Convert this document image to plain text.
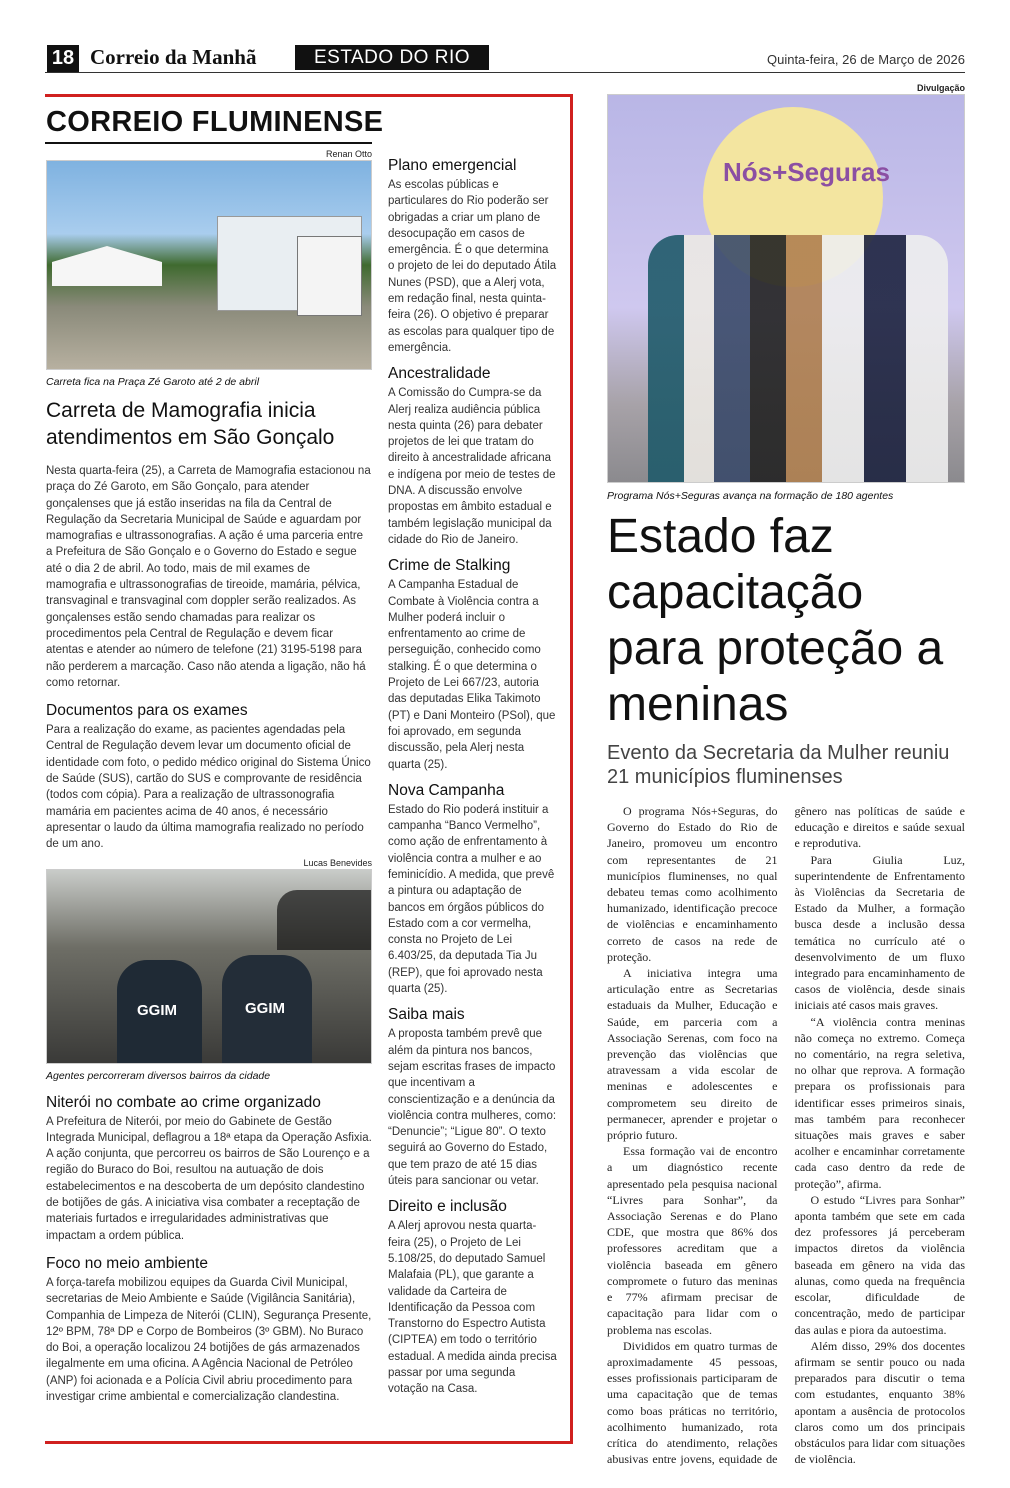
18 Correio da Manhã	ESTADO DO RIO	Quinta-feira, 26 de Março de 2026
CORREIO FLUMINENSE
Renan Otto
Carreta fica na Praça Zé Garoto até 2 de abril
Carreta de Mamografia inicia atendimentos em São Gonçalo
Nesta quarta-feira (25), a Carreta de Mamografia estacionou na praça do Zé Garoto, em São Gonçalo, para atender gonçalenses que já estão inseridas na fila da Central de Regulação da Secretaria Municipal de Saúde e aguardam por mamografias e ultrassonografias. A ação é uma parceria entre a Prefeitura de São Gonçalo e o Governo do Estado e segue até o dia 2 de abril. Ao todo, mais de mil exames de mamografia e ultrassonografias de tireoide, mamária, pélvica, transvaginal e transvaginal com doppler serão realizados. As gonçalenses estão sendo chamadas para realizar os procedimentos pela Central de Regulação e devem ficar atentas e atender ao número de telefone (21) 3195-5198 para não perderem a marcação. Caso não atenda a ligação, não há como retornar.
Documentos para os exames
Para a realização do exame, as pacientes agendadas pela Central de Regulação devem levar um documento oficial de identidade com foto, o pedido médico original do Sistema Único de Saúde (SUS), cartão do SUS e comprovante de residência (todos com cópia). Para a realização de ultrassonografia mamária em pacientes acima de 40 anos, é necessário apresentar o laudo da última mamografia realizado no período de um ano.
Lucas Benevides
GGIM	GGIM
Agentes percorreram diversos bairros da cidade
Niterói no combate ao crime organizado
A Prefeitura de Niterói, por meio do Gabinete de Gestão Integrada Municipal, deflagrou a 18ª etapa da Operação Asfixia. A ação conjunta, que percorreu os bairros de São Lourenço e a região do Buraco do Boi, resultou na autuação de dois estabelecimentos e na descoberta de um depósito clandestino de botijões de gás. A iniciativa visa combater a receptação de materiais furtados e irregularidades administrativas que impactam a ordem pública.
Foco no meio ambiente
A força-tarefa mobilizou equipes da Guarda Civil Municipal, secretarias de Meio Ambiente e Saúde (Vigilância Sanitária), Companhia de Limpeza de Niterói (CLIN), Segurança Presente, 12º BPM, 78ª DP e Corpo de Bombeiros (3º GBM). No Buraco do Boi, a operação localizou 24 botijões de gás armazenados ilegalmente em uma oficina. A Agência Nacional de Petróleo (ANP) foi acionada e a Polícia Civil abriu procedimento para investigar crime ambiental e comercialização clandestina.
Plano emergencial
As escolas públicas e particulares do Rio poderão ser obrigadas a criar um plano de desocupação em casos de emergência. É o que determina o projeto de lei do deputado Átila Nunes (PSD), que a Alerj vota, em redação final, nesta quinta-feira (26). O objetivo é preparar as escolas para qualquer tipo de emergência.
Ancestralidade
A Comissão do Cumpra-se da Alerj realiza audiência pública nesta quinta (26) para debater projetos de lei que tratam do direito à ancestralidade africana e indígena por meio de testes de DNA. A discussão envolve propostas em âmbito estadual e também legislação municipal da cidade do Rio de Janeiro.
Crime de Stalking
A Campanha Estadual de Combate à Violência contra a Mulher poderá incluir o enfrentamento ao crime de perseguição, conhecido como stalking. É o que determina o Projeto de Lei 667/23, autoria das deputadas Elika Takimoto (PT) e Dani Monteiro (PSol), que foi aprovado, em segunda discussão, pela Alerj nesta quarta (25).
Nova Campanha
Estado do Rio poderá instituir a campanha “Banco Vermelho”, como ação de enfrentamento à violência contra a mulher e ao feminicídio. A medida, que prevê a pintura ou adaptação de bancos em órgãos públicos do Estado com a cor vermelha, consta no Projeto de Lei 6.403/25, da deputada Tia Ju (REP), que foi aprovado nesta quarta (25).
Saiba mais
A proposta também prevê que além da pintura nos bancos, sejam escritas frases de impacto que incentivam a conscientização e a denúncia da violência contra mulheres, como: “Denuncie”; “Ligue 80”. O texto seguirá ao Governo do Estado, que tem prazo de até 15 dias úteis para sancionar ou vetar.
Direito e inclusão
A Alerj aprovou nesta quarta-feira (25), o Projeto de Lei 5.108/25, do deputado Samuel Malafaia (PL), que garante a validade da Carteira de Identificação da Pessoa com Transtorno do Espectro Autista (CIPTEA) em todo o território estadual. A medida ainda precisa passar por uma segunda votação na Casa.
Divulgação
Nós+Seguras
Programa Nós+Seguras avança na formação de 180 agentes
Estado faz capacitação para proteção a meninas
Evento da Secretaria da Mulher reuniu 21 municípios fluminenses

O programa Nós+Seguras, do Governo do Estado do Rio de Janeiro, promoveu um encontro com representantes de 21 municípios fluminenses, no qual debateu temas como acolhimento humanizado, identificação precoce de violências e encaminhamento correto de casos na rede de proteção.

A iniciativa integra uma articulação entre as Secretarias estaduais da Mulher, Educação e Saúde, em parceria com a Associação Serenas, com foco na prevenção das violências que atravessam a vida escolar de meninas e adolescentes e comprometem seu direito de permanecer, aprender e projetar o próprio futuro.

Essa formação vai de encontro a um diagnóstico recente apresentado pela pesquisa nacional “Livres para Sonhar”, da Associação Serenas e do Plano CDE, que mostra que 86% dos professores acreditam que a violência baseada em gênero compromete o futuro das meninas e 77% afirmam precisar de capacitação para lidar com o problema nas escolas.

Divididos em quatro turmas de aproximadamente 45 pessoas, esses profissionais participaram de uma capacitação que de temas como boas práticas no território, acolhimento humanizado, rota crítica do atendimento, relações abusivas entre jovens, equidade de gênero nas políticas de saúde e educação e direitos e saúde sexual e reprodutiva.

Para Giulia Luz, superintendente de Enfrentamento às Violências da Secretaria de Estado da Mulher, a formação busca desde a inclusão dessa temática no currículo até o desenvolvimento de um fluxo integrado para encaminhamento de casos de violência, desde sinais iniciais até casos mais graves.

“A violência contra meninas não começa no extremo. Começa no comentário, na regra seletiva, no olhar que reprova. A formação prepara os profissionais para identificar esses primeiros sinais, mas também para reconhecer situações mais graves e saber acolher e encaminhar corretamente cada caso dentro da rede de proteção”, afirma.

O estudo “Livres para Sonhar” aponta também que sete em cada dez professores já perceberam impactos diretos da violência baseada em gênero na vida das alunas, como queda na frequência escolar, dificuldade de concentração, medo de participar das aulas e piora da autoestima.

Além disso, 29% dos docentes afirmam se sentir pouco ou nada preparados para discutir o tema com estudantes, enquanto 38% apontam a ausência de protocolos claros como um dos principais obstáculos para lidar com situações de violência.
